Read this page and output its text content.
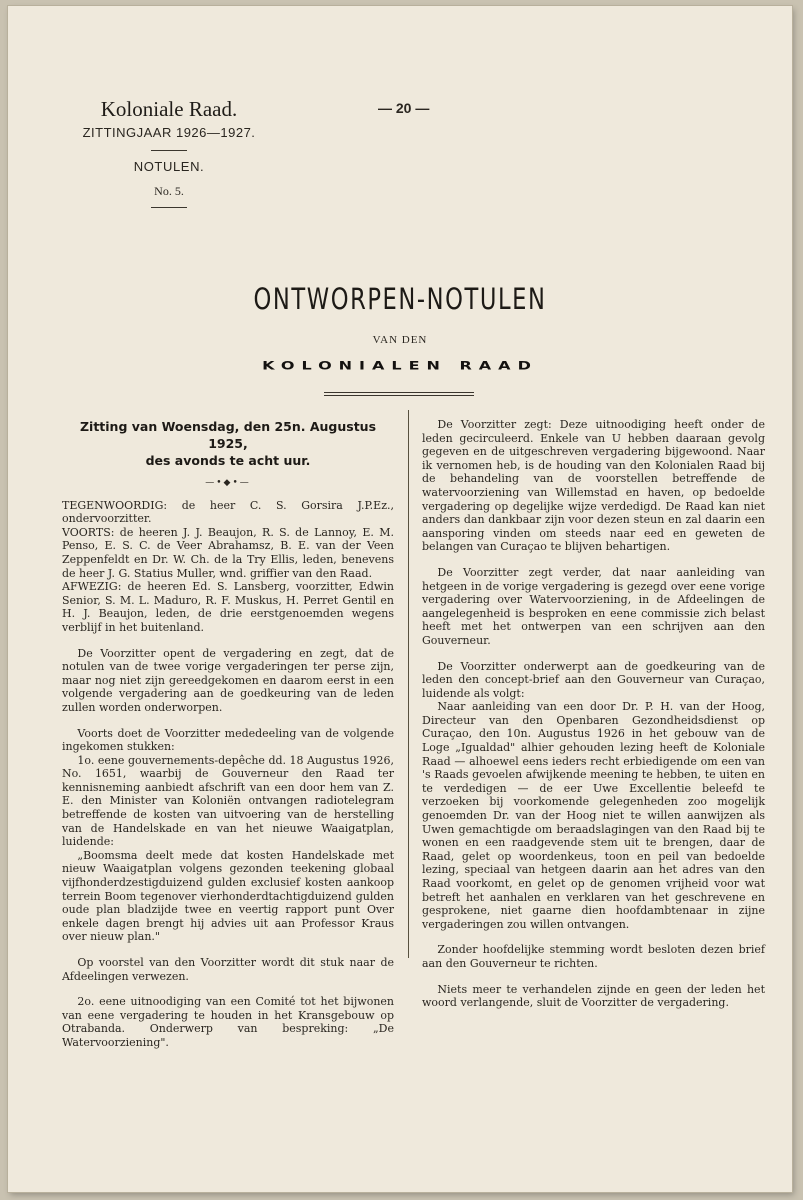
Koloniale Raad.
ZITTINGJAAR 1926—1927.
NOTULEN.
No. 5.
— 20 —
ONTWORPEN-NOTULEN
VAN DEN
KOLONIALEN RAAD
Zitting van Woensdag, den 25n. Augustus 1925,
des avonds te acht uur.
—•◆•—

TEGENWOORDIG: de heer C. S. Gorsira J.P.Ez., ondervoorzitter.

VOORTS: de heeren J. J. Beaujon, R. S. de Lannoy, E. M. Penso, E. S. C. de Veer Abrahamsz, B. E. van der Veen Zeppenfeldt en Dr. W. Ch. de la Try Ellis, leden, benevens de heer J. G. Statius Muller, wnd. griffier van den Raad.

AFWEZIG: de heeren Ed. S. Lansberg, voorzitter, Edwin Senior, S. M. L. Maduro, R. F. Muskus, H. Perret Gentil en H. J. Beaujon, leden, de drie eerstgenoemden wegens verblijf in het buitenland.

De Voorzitter opent de vergadering en zegt, dat de notulen van de twee vorige vergaderingen ter perse zijn, maar nog niet zijn gereedgekomen en daarom eerst in een volgende vergadering aan de goedkeuring van de leden zullen worden onderworpen.

Voorts doet de Voorzitter mededeeling van de volgende ingekomen stukken:

1o. eene gouvernements-depêche dd. 18 Augustus 1926, No. 1651, waarbij de Gouverneur den Raad ter kennisneming aanbiedt afschrift van een door hem van Z. E. den Minister van Koloniën ontvangen radiotelegram betreffende de kosten van uitvoering van de herstelling van de Handelskade en van het nieuwe Waaigatplan, luidende:

„Boomsma deelt mede dat kosten Handelskade met nieuw Waaigatplan volgens gezonden teekening globaal vijfhonderdzestigduizend gulden exclusief kosten aankoop terrein Boom tegenover vierhonderdtachtigduizend gulden oude plan bladzijde twee en veertig rapport punt Over enkele dagen brengt hij advies uit aan Professor Kraus over nieuw plan."

Op voorstel van den Voorzitter wordt dit stuk naar de Afdeelingen verwezen.

2o. eene uitnoodiging van een Comité tot het bijwonen van eene vergadering te houden in het Kransgebouw op Otrabanda. Onderwerp van bespreking: „De Watervoorziening".

De Voorzitter zegt: Deze uitnoodiging heeft onder de leden gecirculeerd. Enkele van U hebben daaraan gevolg gegeven en de uitgeschreven vergadering bijgewoond. Naar ik vernomen heb, is de houding van den Kolonialen Raad bij de behandeling van de voorstellen betreffende de watervoorziening van Willemstad en haven, op bedoelde vergadering op degelijke wijze verdedigd. De Raad kan niet anders dan dankbaar zijn voor dezen steun en zal daarin een aansporing vinden om steeds naar eed en geweten de belangen van Curaçao te blijven behartigen.

De Voorzitter zegt verder, dat naar aanleiding van hetgeen in de vorige vergadering is gezegd over eene vorige vergadering over Watervoorziening, in de Afdeelingen de aangelegenheid is besproken en eene commissie zich belast heeft met het ontwerpen van een schrijven aan den Gouverneur.

De Voorzitter onderwerpt aan de goedkeuring van de leden den concept-brief aan den Gouverneur van Curaçao, luidende als volgt:

Naar aanleiding van een door Dr. P. H. van der Hoog, Directeur van den Openbaren Gezondheidsdienst op Curaçao, den 10n. Augustus 1926 in het gebouw van de Loge „Igualdad" alhier gehouden lezing heeft de Koloniale Raad — alhoewel eens ieders recht erbiedigende om een van 's Raads gevoelen afwijkende meening te hebben, te uiten en te verdedigen — de eer Uwe Excellentie beleefd te verzoeken bij voorkomende gelegenheden zoo mogelijk genoemden Dr. van der Hoog niet te willen aanwijzen als Uwen gemachtigde om beraadslagingen van den Raad bij te wonen en een raadgevende stem uit te brengen, daar de Raad, gelet op woordenkeus, toon en peil van bedoelde lezing, speciaal van hetgeen daarin aan het adres van den Raad voorkomt, en gelet op de genomen vrijheid voor wat betreft het aanhalen en verklaren van het geschrevene en gesprokene, niet gaarne dien hoofdambtenaar in zijne vergaderingen zou willen ontvangen.

Zonder hoofdelijke stemming wordt besloten dezen brief aan den Gouverneur te richten.

Niets meer te verhandelen zijnde en geen der leden het woord verlangende, sluit de Voorzitter de vergadering.
